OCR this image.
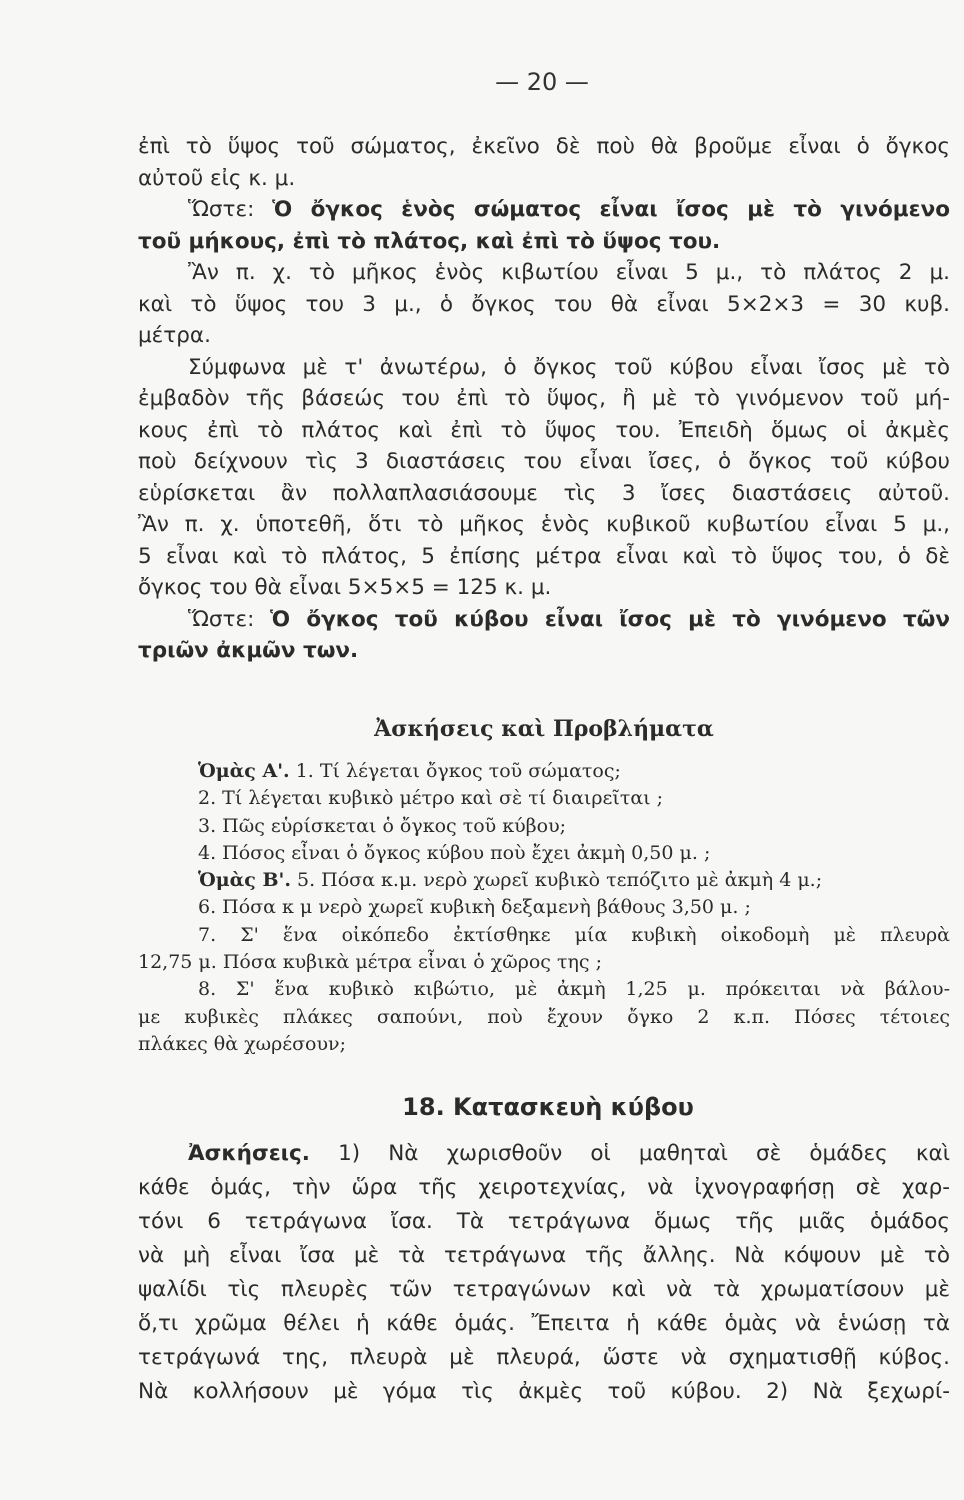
— 20 —
ἐπὶ τὸ ὕψος τοῦ σώματος, ἐκεῖνο δὲ ποὺ θὰ βροῦμε εἶναι ὁ ὄγκος
αὐτοῦ εἰς κ. μ.
Ὥστε: Ὁ ὄγκος ἑνὸς σώματος εἶναι ἴσος μὲ τὸ γινόμενο
τοῦ μήκους, ἐπὶ τὸ πλάτος, καὶ ἐπὶ τὸ ὕψος του.
Ἂν π. χ. τὸ μῆκος ἑνὸς κιβωτίου εἶναι 5 μ., τὸ πλάτος 2 μ.
καὶ τὸ ὕψος του 3 μ., ὁ ὄγκος του θὰ εἶναι 5×2×3 = 30 κυβ.
μέτρα.
Σύμφωνα μὲ τ' ἀνωτέρω, ὁ ὄγκος τοῦ κύβου εἶναι ἴσος μὲ τὸ
ἐμβαδὸν τῆς βάσεώς του ἐπὶ τὸ ὕψος, ἢ μὲ τὸ γινόμενον τοῦ μή-
κους ἐπὶ τὸ πλάτος καὶ ἐπὶ τὸ ὕψος του. Ἐπειδὴ ὅμως οἱ ἀκμὲς
ποὺ δείχνουν τὶς 3 διαστάσεις του εἶναι ἴσες, ὁ ὄγκος τοῦ κύβου
εὑρίσκεται ἂν πολλαπλασιάσουμε τὶς 3 ἴσες διαστάσεις αὐτοῦ.
Ἂν π. χ. ὑποτεθῆ, ὅτι τὸ μῆκος ἑνὸς κυβικοῦ κυβωτίου εἶναι 5 μ.,
5 εἶναι καὶ τὸ πλάτος, 5 ἐπίσης μέτρα εἶναι καὶ τὸ ὕψος του, ὁ δὲ
ὄγκος του θὰ εἶναι 5×5×5 = 125 κ. μ.
Ὥστε: Ὁ ὄγκος τοῦ κύβου εἶναι ἴσος μὲ τὸ γινόμενο τῶν
τριῶν ἀκμῶν των.
Ἀσκήσεις καὶ Προβλήματα
Ὁμὰς Α'. 1. Τί λέγεται ὄγκος τοῦ σώματος;
2. Τί λέγεται κυβικὸ μέτρο καὶ σὲ τί διαιρεῖται ;
3. Πῶς εὑρίσκεται ὁ ὄγκος τοῦ κύβου;
4. Πόσος εἶναι ὁ ὄγκος κύβου ποὺ ἔχει ἀκμὴ 0,50 μ. ;
Ὁμὰς Β'. 5. Πόσα κ.μ. νερὸ χωρεῖ κυβικὸ τεπόζιτο μὲ ἀκμὴ 4 μ.;
6. Πόσα κ μ νερὸ χωρεῖ κυβικὴ δεξαμενὴ βάθους 3,50 μ. ;
7. Σ' ἕνα οἰκόπεδο ἐκτίσθηκε μία κυβικὴ οἰκοδομὴ μὲ πλευρὰ
12,75 μ. Πόσα κυβικὰ μέτρα εἶναι ὁ χῶρος της ;
8. Σ' ἕνα κυβικὸ κιβώτιο, μὲ ἀκμὴ 1,25 μ. πρόκειται νὰ βάλου-
με κυβικὲς πλάκες σαπούνι, ποὺ ἔχουν ὄγκο 2 κ.π. Πόσες τέτοιες
πλάκες θὰ χωρέσουν;
18. Κατασκευὴ κύβου
Ἀσκήσεις. 1) Νὰ χωρισθοῦν οἱ μαθηταὶ σὲ ὁμάδες καὶ
κάθε ὁμάς, τὴν ὥρα τῆς χειροτεχνίας, νὰ ἰχνογραφήσῃ σὲ χαρ-
τόνι 6 τετράγωνα ἴσα. Τὰ τετράγωνα ὅμως τῆς μιᾶς ὁμάδος
νὰ μὴ εἶναι ἴσα μὲ τὰ τετράγωνα τῆς ἄλλης. Νὰ κόψουν μὲ τὸ
ψαλίδι τὶς πλευρὲς τῶν τετραγώνων καὶ νὰ τὰ χρωματίσουν μὲ
ὅ,τι χρῶμα θέλει ἡ κάθε ὁμάς. Ἔπειτα ἡ κάθε ὁμὰς νὰ ἑνώσῃ τὰ
τετράγωνά της, πλευρὰ μὲ πλευρά, ὥστε νὰ σχηματισθῇ κύβος.
Νὰ κολλήσουν μὲ γόμα τὶς ἀκμὲς τοῦ κύβου. 2) Νὰ ξεχωρί-
